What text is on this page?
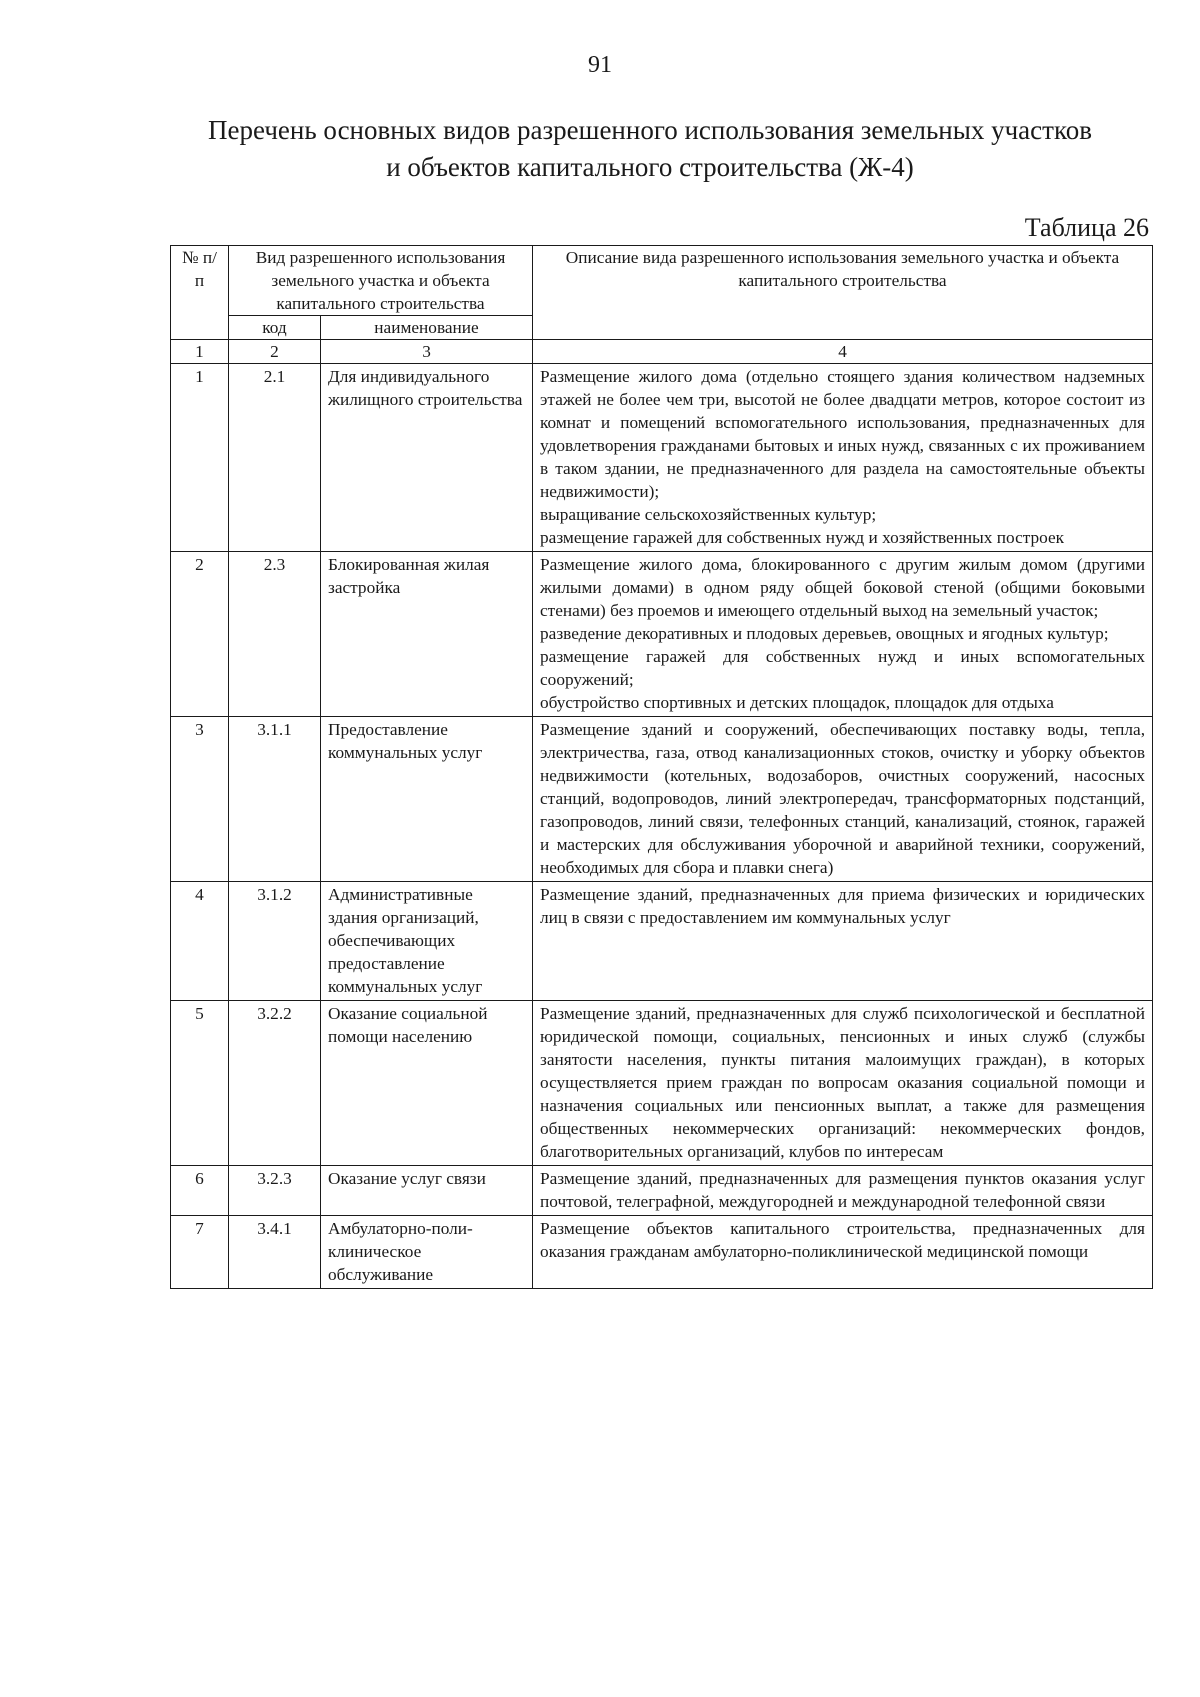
91
Перечень основных видов разрешенного использования земельных участков
и объектов капитального строительства (Ж-4)
Таблица 26
№ п/п	Вид разрешенного использования земельного участка и объекта капитального строительства		Описание вида разрешенного использования земельного участка и объекта капитального строительства
	код	наименование	
1	2	3	4
1	2.1	Для индивидуального жилищного строительства	Размещение жилого дома (отдельно стоящего здания количеством надземных этажей не более чем три, высотой не более двадцати метров, которое состоит из комнат и помещений вспомогательного использования, предназначенных для удовлетворения гражданами бытовых и иных нужд, связанных с их проживанием в таком здании, не предназначенного для раздела на самостоятельные объекты недвижимости);
выращивание сельскохозяйственных культур;
размещение гаражей для собственных нужд и хозяйственных построек

2	2.3	Блокированная жилая застройка	Размещение жилого дома, блокированного с другим жилым домом (другими жилыми домами) в одном ряду общей боковой стеной (общими боковыми стенами) без проемов и имеющего отдельный выход на земельный участок;
разведение декоративных и плодовых деревьев, овощных и ягодных культур;
размещение гаражей для собственных нужд и иных вспомогательных сооружений;
обустройство спортивных и детских площадок, площадок для отдыха

3	3.1.1	Предоставление коммунальных услуг	Размещение зданий и сооружений, обеспечивающих поставку воды, тепла, электричества, газа, отвод канализационных стоков, очистку и уборку объектов недвижимости (котельных, водозаборов, очистных сооружений, насосных станций, водопроводов, линий электропередач, трансформаторных подстанций, газопроводов, линий связи, телефонных станций, канализаций, стоянок, гаражей и мастерских для обслуживания уборочной и аварийной техники, сооружений, необходимых для сбора и плавки снега)

4	3.1.2	Административные здания организаций, обеспечивающих предоставление коммунальных услуг	Размещение зданий, предназначенных для приема физических и юридических лиц в связи с предоставлением им коммунальных услуг

5	3.2.2	Оказание социальной помощи населению	Размещение зданий, предназначенных для служб психологической и бесплатной юридической помощи, социальных, пенсионных и иных служб (службы занятости населения, пункты питания малоимущих граждан), в которых осуществляется прием граждан по вопросам оказания социальной помощи и назначения социальных или пенсионных выплат, а также для размещения общественных некоммерческих организаций: некоммерческих фондов, благотворительных организаций, клубов по интересам

6	3.2.3	Оказание услуг связи	Размещение зданий, предназначенных для размещения пунктов оказания услуг почтовой, телеграфной, междугородней и международной телефонной связи

7	3.4.1	Амбулаторно-поли-клиническое обслуживание	Размещение объектов капитального строительства, предназначенных для оказания гражданам амбулаторно-поликлинической медицинской помощи
